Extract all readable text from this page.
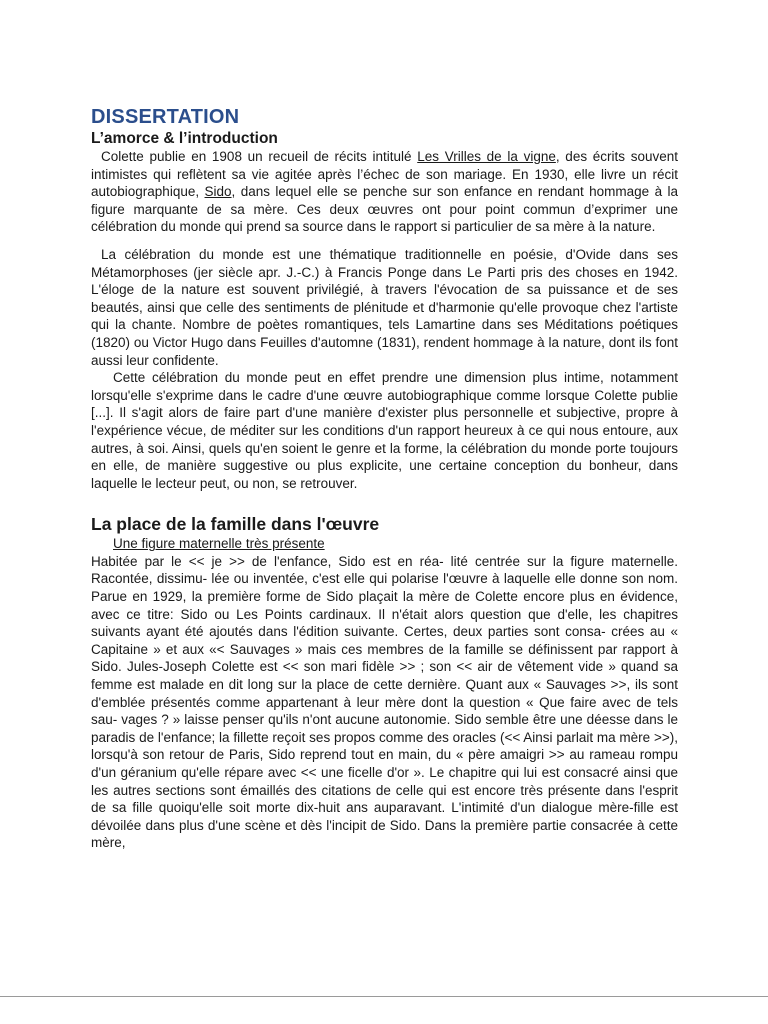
DISSERTATION
L’amorce & l’introduction

Colette publie en 1908 un recueil de récits intitulé Les Vrilles de la vigne, des écrits souvent intimistes qui reflètent sa vie agitée après l’échec de son mariage. En 1930, elle livre un récit autobiographique, Sido, dans lequel elle se penche sur son enfance en rendant hommage à la figure marquante de sa mère. Ces deux œuvres ont pour point commun d’exprimer une célébration du monde qui prend sa source dans le rapport si particulier de sa mère à la nature.

La célébration du monde est une thématique traditionnelle en poésie, d'Ovide dans ses Métamorphoses (jer siècle apr. J.-C.) à Francis Ponge dans Le Parti pris des choses en 1942. L'éloge de la nature est souvent privilégié, à travers l'évocation de sa puissance et de ses beautés, ainsi que celle des sentiments de plénitude et d'harmonie qu'elle provoque chez l'artiste qui la chante. Nombre de poètes romantiques, tels Lamartine dans ses Méditations poétiques (1820) ou Victor Hugo dans Feuilles d'automne (1831), rendent hommage à la nature, dont ils font aussi leur confidente.

Cette célébration du monde peut en effet prendre une dimension plus intime, notamment lorsqu'elle s'exprime dans le cadre d'une œuvre autobiographique comme lorsque Colette publie [...]. Il s'agit alors de faire part d'une manière d'exister plus personnelle et subjective, propre à l'expérience vécue, de méditer sur les conditions d'un rapport heureux à ce qui nous entoure, aux autres, à soi. Ainsi, quels qu'en soient le genre et la forme, la célébration du monde porte toujours en elle, de manière suggestive ou plus explicite, une certaine conception du bonheur, dans laquelle le lecteur peut, ou non, se retrouver.

La place de la famille dans l'œuvre
Une figure maternelle très présente

Habitée par le << je >> de l'enfance, Sido est en réa- lité centrée sur la figure maternelle. Racontée, dissimu- lée ou inventée, c'est elle qui polarise l'œuvre à laquelle elle donne son nom. Parue en 1929, la première forme de Sido plaçait la mère de Colette encore plus en évidence, avec ce titre: Sido ou Les Points cardinaux. Il n'était alors question que d'elle, les chapitres suivants ayant été ajoutés dans l'édition suivante. Certes, deux parties sont consa- crées au « Capitaine » et aux «< Sauvages » mais ces membres de la famille se définissent par rapport à Sido. Jules-Joseph Colette est << son mari fidèle >> ; son << air de vêtement vide » quand sa femme est malade en dit long sur la place de cette dernière. Quant aux « Sauvages >>, ils sont d'emblée présentés comme appartenant à leur mère dont la question « Que faire avec de tels sau- vages ? » laisse penser qu'ils n'ont aucune autonomie. Sido semble être une déesse dans le paradis de l'enfance; la fillette reçoit ses propos comme des oracles (<< Ainsi parlait ma mère >>), lorsqu'à son retour de Paris, Sido reprend tout en main, du « père amaigri >> au rameau rompu d'un géranium qu'elle répare avec << une ficelle d'or ». Le chapitre qui lui est consacré ainsi que les autres sections sont émaillés des citations de celle qui est encore très présente dans l'esprit de sa fille quoiqu'elle soit morte dix-huit ans auparavant. L'intimité d'un dialogue mère-fille est dévoilée dans plus d'une scène et dès l'incipit de Sido. Dans la première partie consacrée à cette mère,
